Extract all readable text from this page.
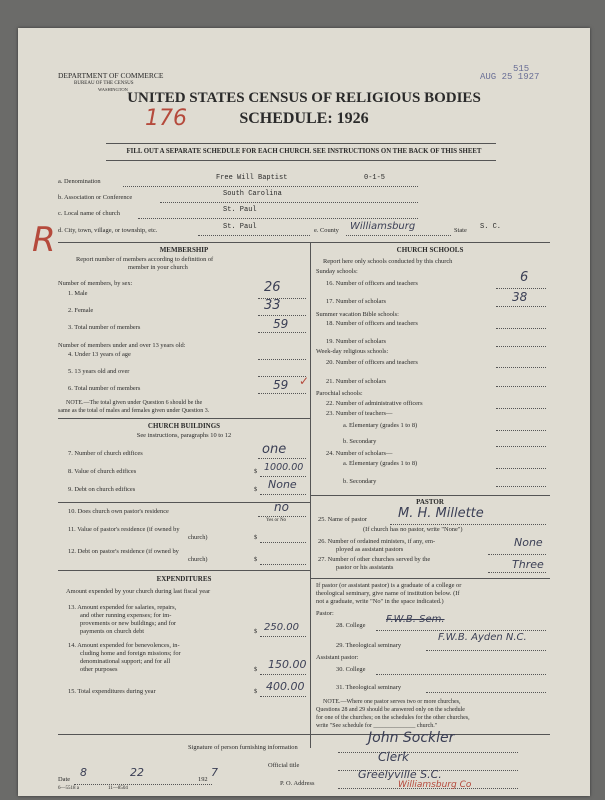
DEPARTMENT OF COMMERCE
BUREAU OF THE CENSUS
WASHINGTON
AUG 25 1927
515
UNITED STATES CENSUS OF RELIGIOUS BODIES
SCHEDULE: 1926
176
FILL OUT A SEPARATE SCHEDULE FOR EACH CHURCH. SEE INSTRUCTIONS ON THE BACK OF THIS SHEET
R
a. Denomination	Free Will Baptist	0-1-5
b. Association or Conference	South Carolina
c. Local name of church	St. Paul
d. City, town, village, or township, etc.	St. Paul	e. County Williamsburg	State S. C.
MEMBERSHIP
Report number of members according to definition of
member in your church
Number of members, by sex:
1. Male	26
2. Female	33
3. Total number of members	59
Number of members under and over 13 years old:
4. Under 13 years of age
5. 13 years old and over
6. Total number of members	59 ✓
NOTE.—The total given under Question 6 should be the
same as the total of males and females given under Question 3.
CHURCH BUILDINGS
See instructions, paragraphs 10 to 12
7. Number of church edifices	one
8. Value of church edifices	$ 1000.00
9. Debt on church edifices	$ None
10. Does church own pastor's residence	no
Yes or No
11. Value of pastor's residence (if owned by
church)	$
12. Debt on pastor's residence (if owned by
church)	$
EXPENDITURES
Amount expended by your church during last fiscal year
13. Amount expended for salaries, repairs,
and other running expenses; for im-
provements or new buildings; and for
payments on church debt	$ 250.00
14. Amount expended for benevolences, in-
cluding home and foreign missions; for
denominational support; and for all
other purposes	$ 150.00
15. Total expenditures during year	$ 400.00
CHURCH SCHOOLS
Report here only schools conducted by this church
Sunday schools:
16. Number of officers and teachers	6
17. Number of scholars	38
Summer vacation Bible schools:
18. Number of officers and teachers
19. Number of scholars
Week-day religious schools:
20. Number of officers and teachers
21. Number of scholars
Parochial schools:
22. Number of administrative officers
23. Number of teachers—
a. Elementary (grades 1 to 8)
b. Secondary
24. Number of scholars—
a. Elementary (grades 1 to 8)
b. Secondary
PASTOR
25. Name of pastor M. H. Millette
(If church has no pastor, write "None")
26. Number of ordained ministers, if any, em-
ployed as assistant pastors
None
27. Number of other churches served by the
pastor or his assistants	Three
If pastor (or assistant pastor) is a graduate of a college or
theological seminary, give name of institution below. (If
not a graduate, write "No" in the space indicated.)
Pastor:
28. College
F.W.B. Sem.
29. Theological seminary
F.W.B. Ayden N.C.
Assistant pastor:
30. College
31. Theological seminary
NOTE.—Where one pastor serves two or more churches,
Questions 28 and 29 should be answered only on the schedule
for one of the churches; on the schedules for the other churches,
write "See schedule for ______________ church."
Signature of person furnishing information
John Sockler
Official title
Clerk
Date
8	22
192
7
6—5518 a	11—8504
P. O. Address
Greelyville S.C.
Williamsburg Co
